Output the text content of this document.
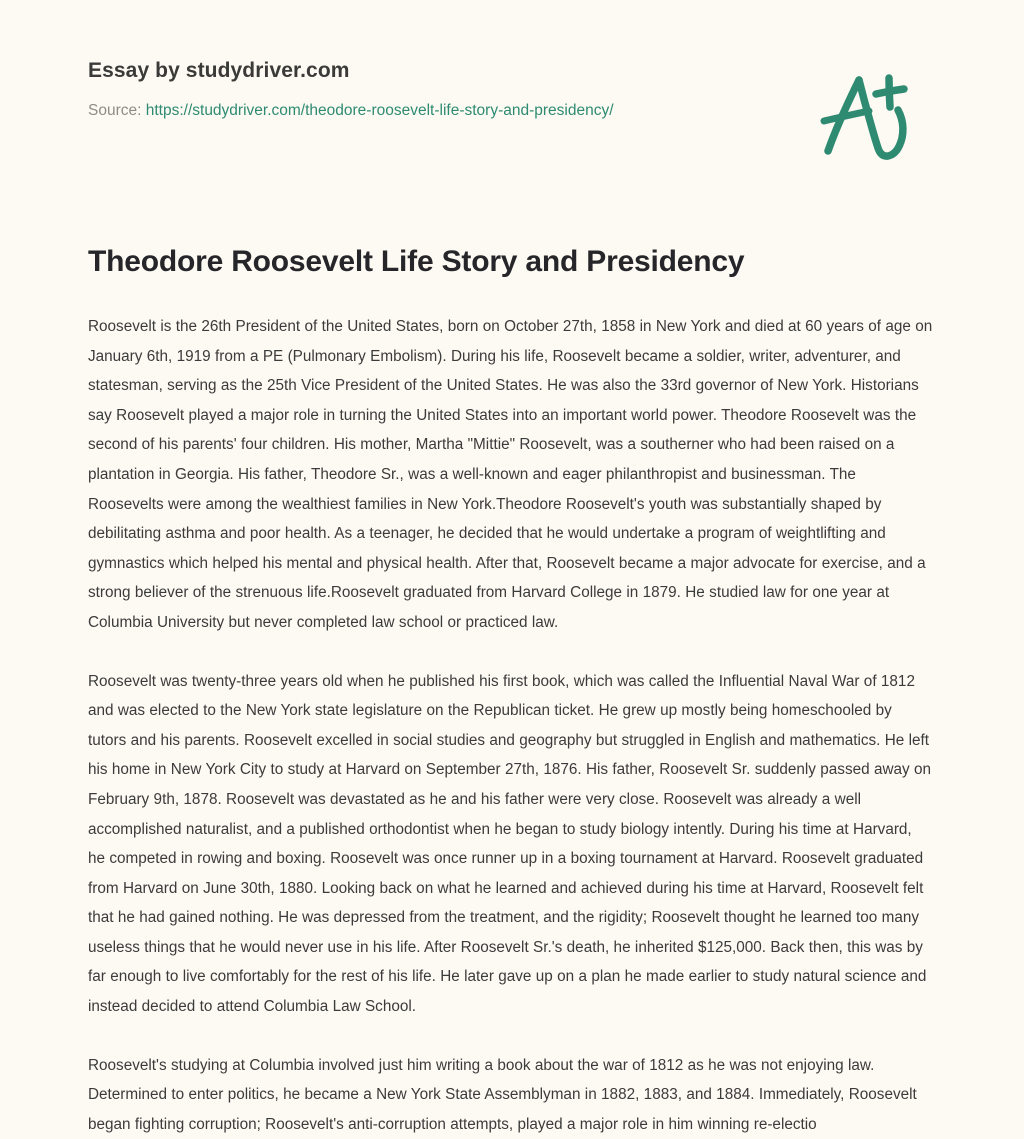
Essay by studydriver.com
Source: https://studydriver.com/theodore-roosevelt-life-story-and-presidency/
Theodore Roosevelt Life Story and Presidency

Roosevelt is the 26th President of the United States, born on October 27th, 1858 in New York and died at 60 years of age on January 6th, 1919 from a PE (Pulmonary Embolism). During his life, Roosevelt became a soldier, writer, adventurer, and statesman, serving as the 25th Vice President of the United States. He was also the 33rd governor of New York. Historians say Roosevelt played a major role in turning the United States into an important world power. Theodore Roosevelt was the second of his parents' four children. His mother, Martha "Mittie" Roosevelt, was a southerner who had been raised on a plantation in Georgia. His father, Theodore Sr., was a well-known and eager philanthropist and businessman. The Roosevelts were among the wealthiest families in New York.Theodore Roosevelt's youth was substantially shaped by debilitating asthma and poor health. As a teenager, he decided that he would undertake a program of weightlifting and gymnastics which helped his mental and physical health. After that, Roosevelt became a major advocate for exercise, and a strong believer of the strenuous life.Roosevelt graduated from Harvard College in 1879. He studied law for one year at Columbia University but never completed law school or practiced law.

Roosevelt was twenty-three years old when he published his first book, which was called the Influential Naval War of 1812 and was elected to the New York state legislature on the Republican ticket. He grew up mostly being homeschooled by tutors and his parents. Roosevelt excelled in social studies and geography but struggled in English and mathematics. He left his home in New York City to study at Harvard on September 27th, 1876. His father, Roosevelt Sr. suddenly passed away on February 9th, 1878. Roosevelt was devastated as he and his father were very close. Roosevelt was already a well accomplished naturalist, and a published orthodontist when he began to study biology intently. During his time at Harvard, he competed in rowing and boxing. Roosevelt was once runner up in a boxing tournament at Harvard. Roosevelt graduated from Harvard on June 30th, 1880. Looking back on what he learned and achieved during his time at Harvard, Roosevelt felt that he had gained nothing. He was depressed from the treatment, and the rigidity; Roosevelt thought he learned too many useless things that he would never use in his life. After Roosevelt Sr.'s death, he inherited $125,000. Back then, this was by far enough to live comfortably for the rest of his life. He later gave up on a plan he made earlier to study natural science and instead decided to attend Columbia Law School.

Roosevelt's studying at Columbia involved just him writing a book about the war of 1812 as he was not enjoying law. Determined to enter politics, he became a New York State Assemblyman in 1882, 1883, and 1884. Immediately, Roosevelt began fighting corruption; Roosevelt's anti-corruption attempts, played a major role in him winning re-electio
